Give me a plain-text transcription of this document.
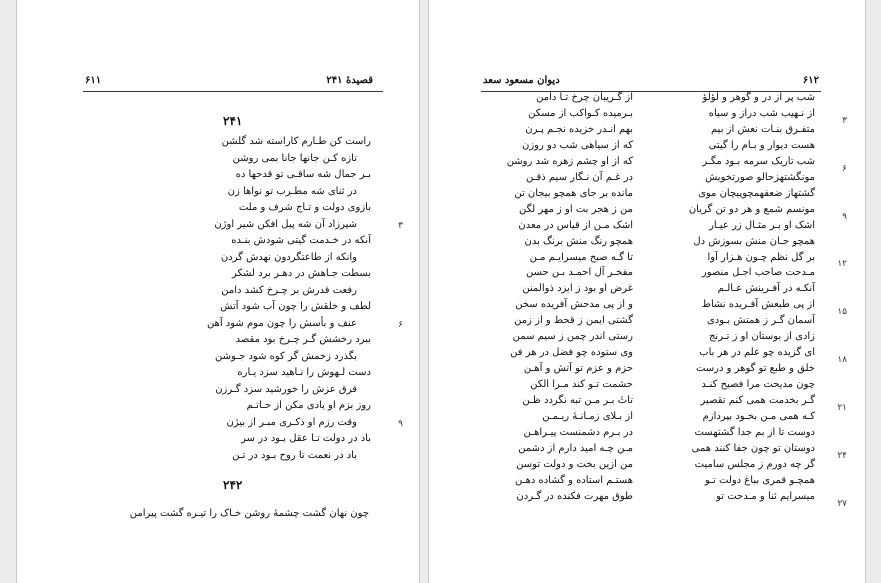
۶۱۱	قصیدهٔ ۲۴۱
۲۴۱
راست کن طـارم کاراسته شد گلشن
تازه کـن جانها جانا بمی روشن
بـر جمال شه ساقـی تو قدحها ده
در ثنای شه مطـرب تو نواها زن
بازوی دولت و تـاج شرف و ملت
شیرزاد آن شه پیل افکن شیر اوژن
آنکه در خـدمت گیتی شودش بنـده
وانکه از طاعتگردون نهدش گردن
بسطت جـاهش در دهـر برد لشکر
رفعت قدرش بر چـرخ کشد دامن
لطف و خلقش را چون آب شود آتش
عنف و بأسش را چون موم شود آهن
ببرد رخشش گـر چـرخ بود مقصد
بگذرد زخمش گر کوه شود جـوشن
دست لـهوش را نـاهید سزد یـاره
فرق عزش را خورشید سزد گـرزن
روز بزم او یادی مکن از حـاتـم
وقت رزم او ذکـری مبـر از بیژن
باد در دولت تـا عقل بـود در سر
باد در نعمت تا روح بـود در تـن
۳
۶
۹
۲۴۲
چون نهان گشت چشمهٔ روشن خـاک را تیـره گشت پیرامن
دیوان مسعود سعد	۶۱۲
شب پر از در و گوهر و لؤلؤ
از نـهیب شب دراز و سیاه
متفـرق بنـات نعش از بیم
هست دیوار و بـام را گیتی
شب تاریک سرمه بـود مگـر
مونگشتهزحالو صورتخویش
گشتهاز ضعفهمچوپیچان موی
مونسم شمع و هر دو تن گریان
اشک او بـر مثـال زر عیـار
همچو جـان منش بسوزش دل
بر گل نظم چـون هـزار آوا
مـدحت صاحب اجـل منصور
آنکـه در آفـرینش عـالـم
از پی طبعش آفـریده نشاط
آسمان گـر ز همتش بـودی
زادی از بوستان او ز تـرنج
ای گزیده چو علم در هر باب
خلق و طبع تو گوهر و درست
چون مدیحت مرا فصیح کنـد
گـر بخدمت همی کنم تقصیر
کـه همی مـن بخـود بپردازم
دوست تا از بم جدا گشتهست
دوستان تو چون جفا کنند همی
گر چه دورم ز مجلس سامیت
همچـو قمری بباغ دولت تـو
میسرایم ثنا و مـدحت تو
از گـریبان چرخ تـا دامن
بـرمیده کـواکب از مسکن
بهم انـدر خزیده نجـم پـرن
که از سیاهی شب دو روزن
که از او چشم زهره شد روشن
در غـم آن نـگار سیم ذقـن
مانده بر جای همچو بیجان تن
من ز هجر بت او ز مهر لگن
اشک مـن از قیاس در معدن
همچو رنگ منش برنگ بدن
تا گـه صبح میسرایـم مـن
مفخـر آل احمـد بـن حسن
غرض او بود ز ایزد ذوالمنن
و از پی مدحش آفریده سخن
گشتی ایمن ز قحط و از زمن
رستی اندر چمن ز سیم سمن
وی ستوده چو فضل در هر فن
حزم و عزم تو آتش و آهـن
حشمت تـو کند مـرا الکن
تاتٔ بـر مـن تبه نگردد ظـن
از بـلای زمـانـهٔ ریـمـن
در بـرم دشمنست پیـراهـن
مـن چـه امید دارم از دشمن
من ازین بخت و دولت توسن
هستـم استاده و گشاده دهـن
طوق مهرت فکنده در گـردن
۳
۶
۹
۱۲
۱۵
۱۸
۲۱
۲۴
۲۷
